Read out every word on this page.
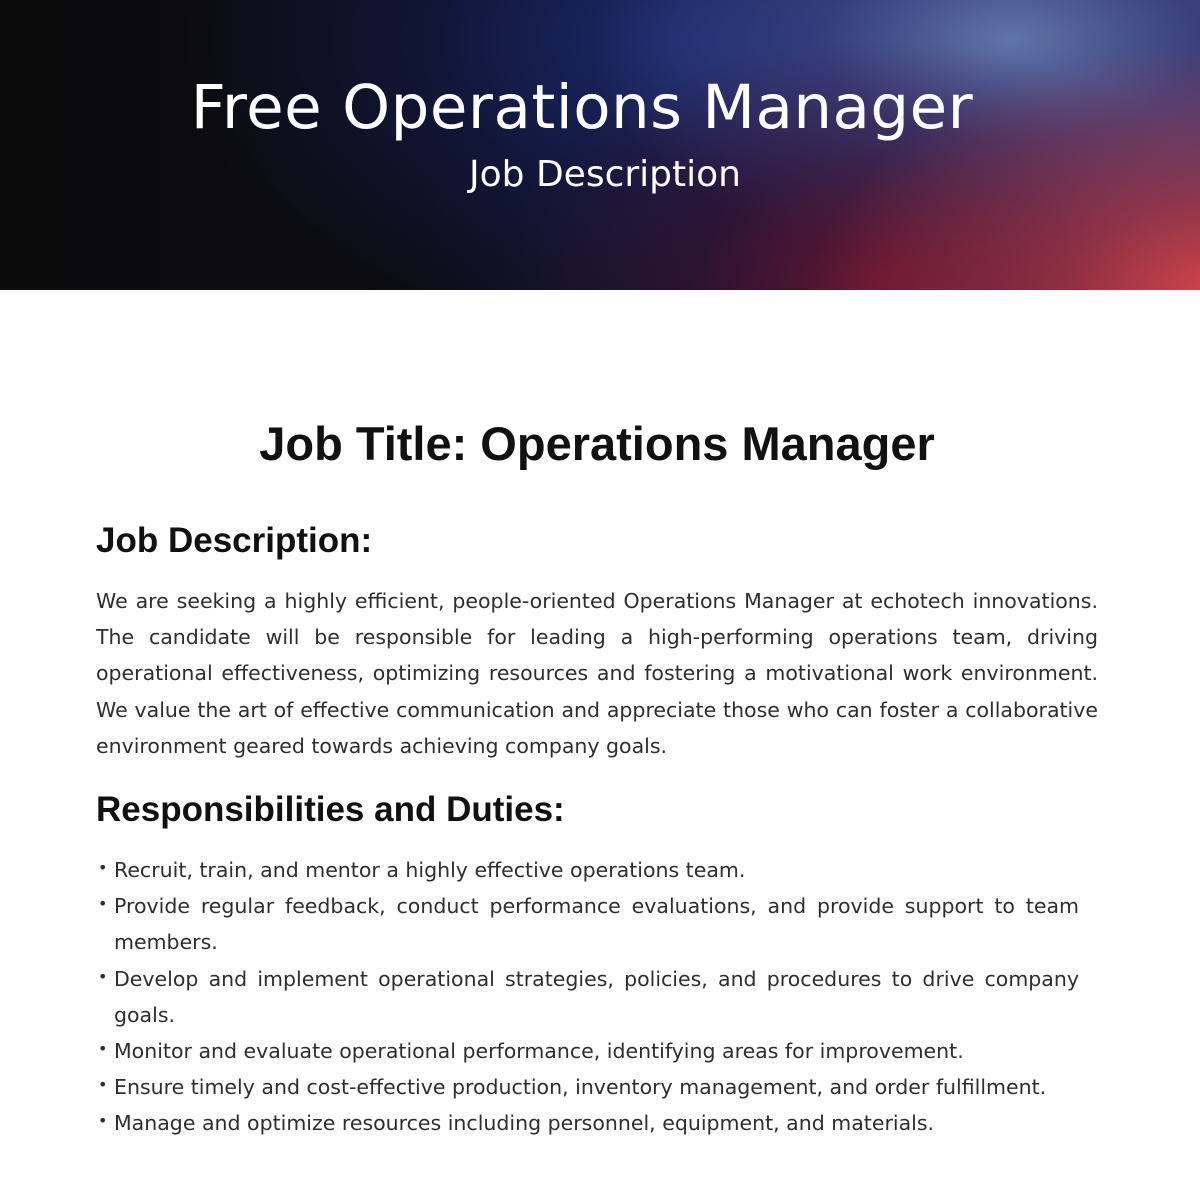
Free Operations Manager
Job Description
Job Title: Operations Manager
Job Description:

We are seeking a highly efficient, people-oriented Operations Manager at echotech innovations. The candidate will be responsible for leading a high-performing operations team, driving operational effectiveness, optimizing resources and fostering a motivational work environment. We value the art of effective communication and appreciate those who can foster a collaborative environment geared towards achieving company goals.

Responsibilities and Duties:
• Recruit, train, and mentor a highly effective operations team.
• Provide regular feedback, conduct performance evaluations, and provide support to team members.
• Develop and implement operational strategies, policies, and procedures to drive company goals.
• Monitor and evaluate operational performance, identifying areas for improvement.
• Ensure timely and cost-effective production, inventory management, and order fulfillment.
• Manage and optimize resources including personnel, equipment, and materials.
